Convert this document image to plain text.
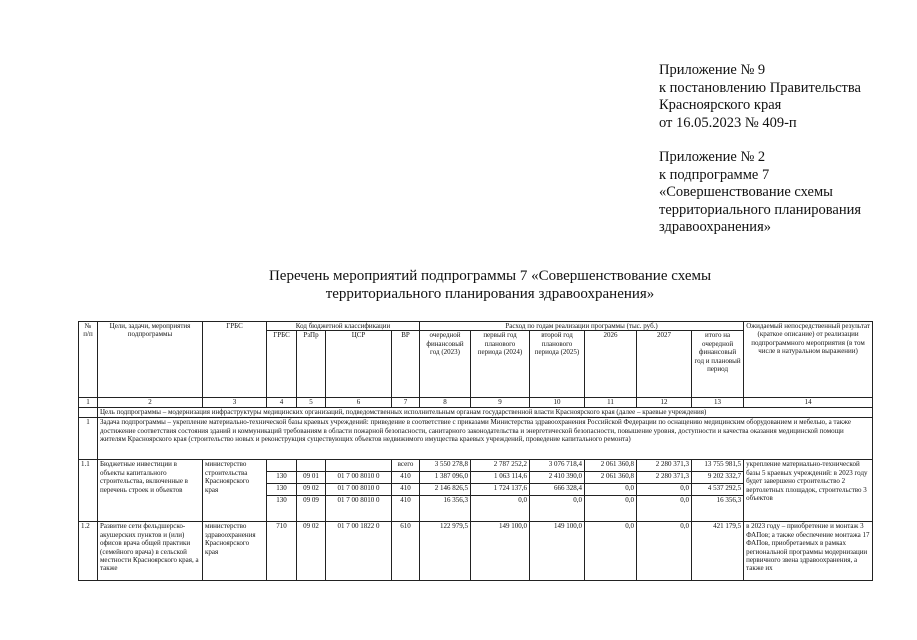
Приложение № 9
к постановлению Правительства
Красноярского края
от 16.05.2023 № 409-п
Приложение № 2
к подпрограмме 7
«Совершенствование схемы
территориального планирования
здравоохранения»
Перечень мероприятий подпрограммы 7 «Совершенствование схемы
территориального планирования здравоохранения»
№ п/п	Цели, задачи, мероприятия подпрограммы	ГРБС	Код бюджетной классификации				Расход по годам реализации программы (тыс. руб.)						Ожидаемый непосредственный результат (краткое описание) от реализации подпрограммного мероприятия (в том числе в натуральном выражении)
			ГРБС	РзПр	ЦСР	ВР	очередной финансовый год (2023)	первый год планового периода (2024)	второй год планового периода (2025)	2026	2027	итого на очередной финансовый год и плановый период	
1	2	3	4	5	6	7	8	9	10	11	12	13	14
	Цель подпрограммы – модернизация инфраструктуры медицинских организаций, подведомственных исполнительным органам государственной власти Красноярского края (далее – краевые учреждения)												
1	Задача подпрограммы – укрепление материально-технической базы краевых учреждений: приведение в соответствие с приказами Министерства здравоохранения Российской Федерации по оснащению медицинским оборудованием и мебелью, а также достижение соответствия состояния зданий и коммуникаций требованиям в области пожарной безопасности, санитарного законодательства и энергетической безопасности, повышение уровня, доступности и качества оказания медицинской помощи жителям Красноярского края (строительство новых и реконструкция существующих объектов недвижимого имущества краевых учреждений, проведение капитального ремонта)												
1.1	Бюджетные инвестиции в объекты капитального строительства, включенные в перечень строек и объектов	министерство строительства Красноярского края				всего	3 550 278,8	2 787 252,2	3 076 718,4	2 061 360,8	2 280 371,3	13 755 981,5	укрепление материально-технической базы 5 краевых учреждений: в 2023 году будет завершено строительство 2 вертолетных площадок, строительство 3 объектов
			130	09 01	01 7 00 8010 0	410	1 387 096,0	1 063 114,6	2 410 390,0	2 061 360,8	2 280 371,3	9 202 332,7	
			130	09 02	01 7 00 8010 0	410	2 146 826,5	1 724 137,6	666 328,4	0,0	0,0	4 537 292,5	
			130	09 09	01 7 00 8010 0	410	16 356,3	0,0	0,0	0,0	0,0	16 356,3	
1.2	Развитие сети фельдшерско-акушерских пунктов и (или) офисов врача общей практики (семейного врача) в сельской местности Красноярского края, а также	министерство здравоохранения Красноярского края	710	09 02	01 7 00 1822 0	610	122 979,5	149 100,0	149 100,0	0,0	0,0	421 179,5	в 2023 году – приобретение и монтаж 3 ФАПов; а также обеспечение монтажа 17 ФАПов, приобретаемых в рамках региональной программы модернизации первичного звена здравоохранения, а также их
